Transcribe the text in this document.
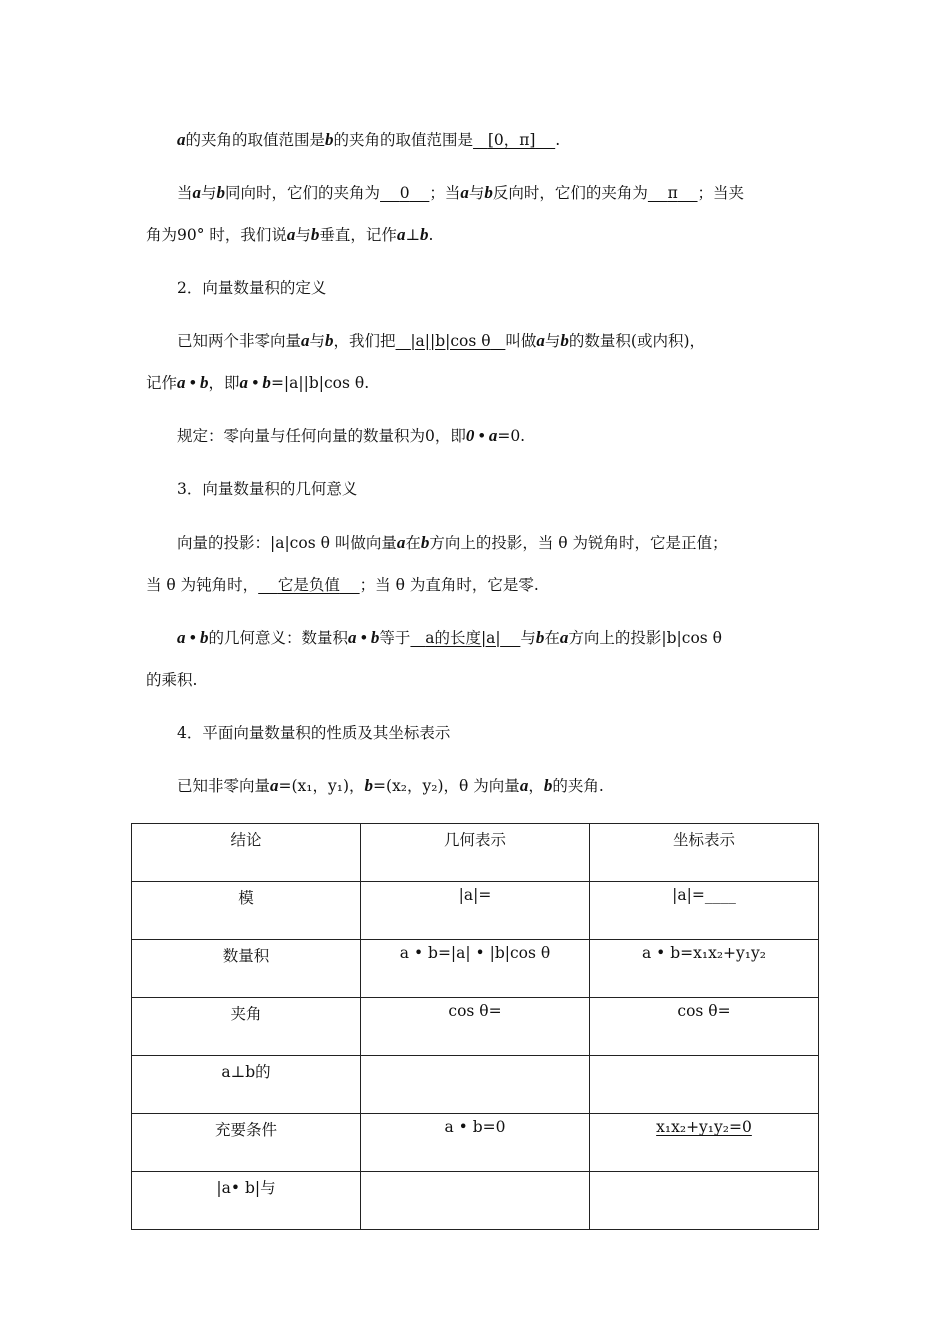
a的夹角的取值范围是b的夹角的取值范围是 [0，π] .
当a与b同向时，它们的夹角为 0 ；当a与b反向时，它们的夹角为 π ；当夹
角为90° 时，我们说a与b垂直，记作a⊥b.
2．向量数量积的定义
已知两个非零向量a与b，我们把 |a||b|cos θ 叫做a与b的数量积(或内积)，
记作a • b，即a • b=|a||b|cos θ.
规定：零向量与任何向量的数量积为0，即0 • a=0.
3．向量数量积的几何意义
向量的投影：|a|cos θ 叫做向量a在b方向上的投影，当 θ 为锐角时，它是正值；
当 θ 为钝角时， 它是负值 ；当 θ 为直角时，它是零.
a • b的几何意义：数量积a • b等于 a的长度|a| 与b在a方向上的投影|b|cos θ
的乘积.
4．平面向量数量积的性质及其坐标表示
已知非零向量a=(x₁，y₁)，b=(x₂，y₂)，θ 为向量a，b的夹角.
结论	几何表示	坐标表示
模	|a|=	|a|=____
数量积	a • b=|a| • |b|cos θ	a • b=x₁x₂+y₁y₂
夹角	cos θ=	cos θ=
a⊥b的		
充要条件	a • b=0	x₁x₂+y₁y₂=0
|a• b|与		
